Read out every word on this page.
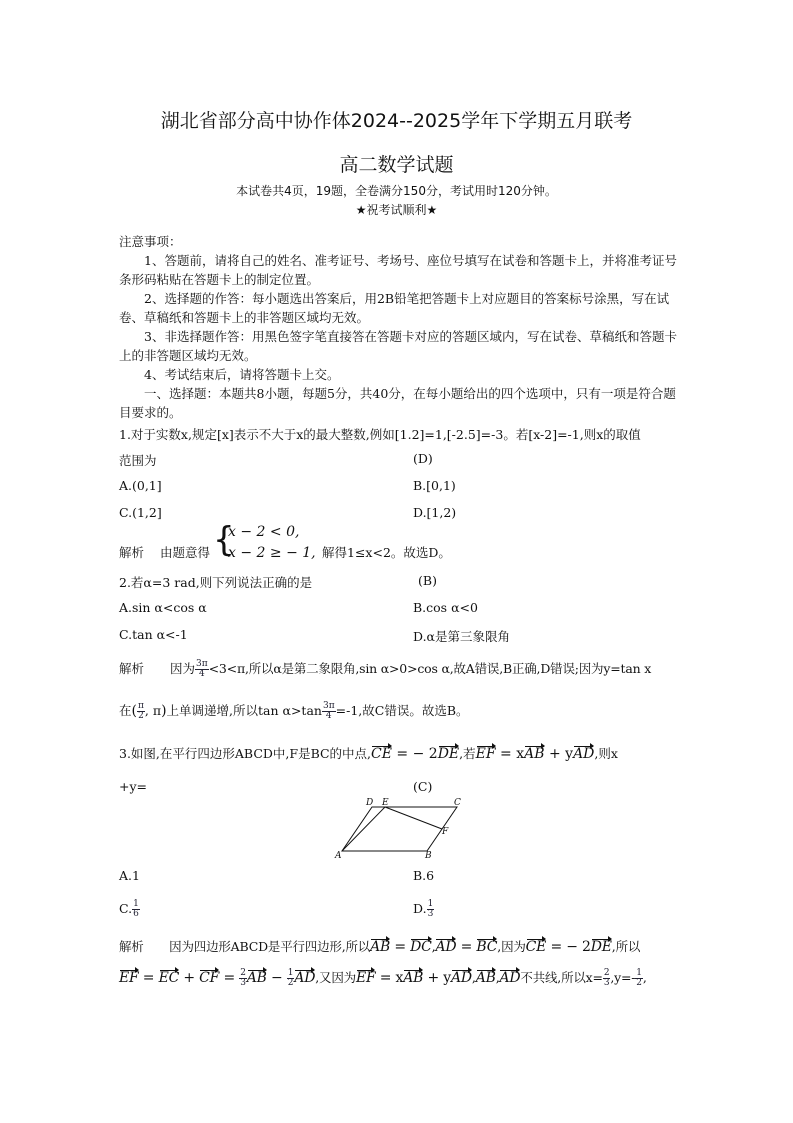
湖北省部分高中协作体2024--2025学年下学期五月联考
高二数学试题
本试卷共4页，19题，全卷满分150分，考试用时120分钟。
★祝考试顺利★
注意事项：
1、答题前，请将自己的姓名、准考证号、考场号、座位号填写在试卷和答题卡上，并将准考证号条形码粘贴在答题卡上的制定位置。
2、选择题的作答：每小题选出答案后，用2B铅笔把答题卡上对应题目的答案标号涂黑，写在试卷、草稿纸和答题卡上的非答题区域均无效。
3、非选择题作答：用黑色签字笔直接答在答题卡对应的答题区域内，写在试卷、草稿纸和答题卡上的非答题区域均无效。
4、考试结束后，请将答题卡上交。
一、选择题：本题共8小题，每题5分，共40分，在每小题给出的四个选项中，只有一项是符合题目要求的。
1.对于实数x,规定[x]表示不大于x的最大整数,例如[1.2]=1,[-2.5]=-3。若[x-2]=-1,则x的取值
范围为	(D)
A.(0,1]	B.[0,1)
C.(1,2]	D.[1,2)
解析 由题意得 {
x − 2 < 0,
x − 2 ≥ − 1, 解得1≤x<2。故选D。
2.若α=3 rad,则下列说法正确的是	(B)
A.sin α<cos α	B.cos α<0
C.tan α<-1	D.α是第三象限角
解析 因为 $\frac{3\pi}{4} <3<\pi$,所以α是第二象限角,sin α>0>cos α,故A错误,B正确,D错误;因为y=tan x
在( $\frac{\pi}{2}$ , π)上单调递增,所以$\tan \alpha>\tan \frac{3\pi}{4} =-1$,故C错误。故选B。
3.如图,在平行四边形ABCD中,F是BC的中点,CE = − 2DE,若EF = xAB + yAD,则x
+y=	(C)
D E	C
F
A	B
A.1	B.6
C. $\frac{1}{6}$	D. $\frac{1}{3}$
解析 因为四边形ABCD是平行四边形,所以AB = DC,AD = BC,因为CE = − 2DE,所以
EF = EC + CF = $\frac{2}{3}$ AB − $\frac{1}{2}$ AD,又因为EF = xAB + yAD,AB,AD不共线,所以$x= \frac{2}{3} ,y=- \frac{1}{2}$ ,
